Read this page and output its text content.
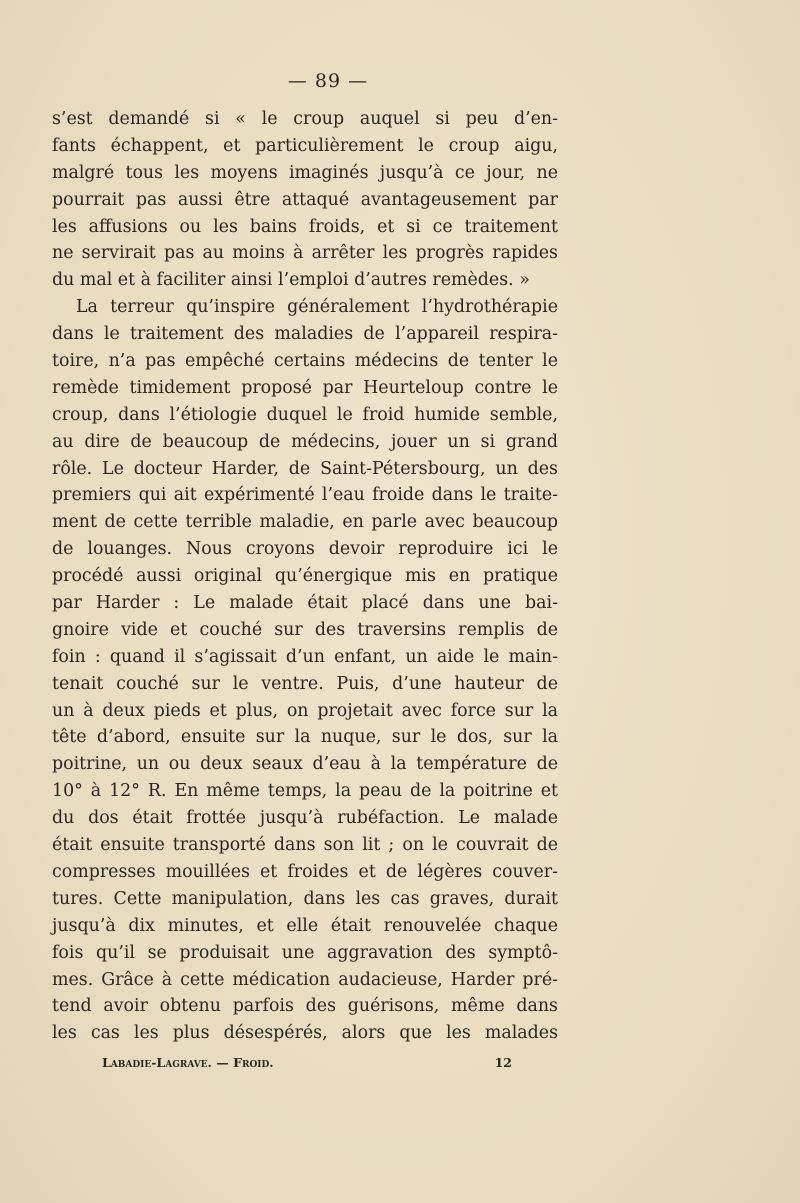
— 89 —
s’est demandé si « le croup auquel si peu d’en-
fants échappent, et particulièrement le croup aigu,
malgré tous les moyens imaginés jusqu’à ce jour, ne
pourrait pas aussi être attaqué avantageusement par
les affusions ou les bains froids, et si ce traitement
ne servirait pas au moins à arrêter les progrès rapides
du mal et à faciliter ainsi l’emploi d’autres remèdes. »
La terreur qu’inspire généralement l’hydrothérapie
dans le traitement des maladies de l’appareil respira-
toire, n’a pas empêché certains médecins de tenter le
remède timidement proposé par Heurteloup contre le
croup, dans l’étiologie duquel le froid humide semble,
au dire de beaucoup de médecins, jouer un si grand
rôle. Le docteur Harder, de Saint-Pétersbourg, un des
premiers qui ait expérimenté l’eau froide dans le traite-
ment de cette terrible maladie, en parle avec beaucoup
de louanges. Nous croyons devoir reproduire ici le
procédé aussi original qu’énergique mis en pratique
par Harder : Le malade était placé dans une bai-
gnoire vide et couché sur des traversins remplis de
foin : quand il s’agissait d’un enfant, un aide le main-
tenait couché sur le ventre. Puis, d’une hauteur de
un à deux pieds et plus, on projetait avec force sur la
tête d’abord, ensuite sur la nuque, sur le dos, sur la
poitrine, un ou deux seaux d’eau à la température de
10° à 12° R. En même temps, la peau de la poitrine et
du dos était frottée jusqu’à rubéfaction. Le malade
était ensuite transporté dans son lit ; on le couvrait de
compresses mouillées et froides et de légères couver-
tures. Cette manipulation, dans les cas graves, durait
jusqu’à dix minutes, et elle était renouvelée chaque
fois qu’il se produisait une aggravation des symptô-
mes. Grâce à cette médication audacieuse, Harder pré-
tend avoir obtenu parfois des guérisons, même dans
les cas les plus désespérés, alors que les malades
Labadie-Lagrave. — Froid.	12
